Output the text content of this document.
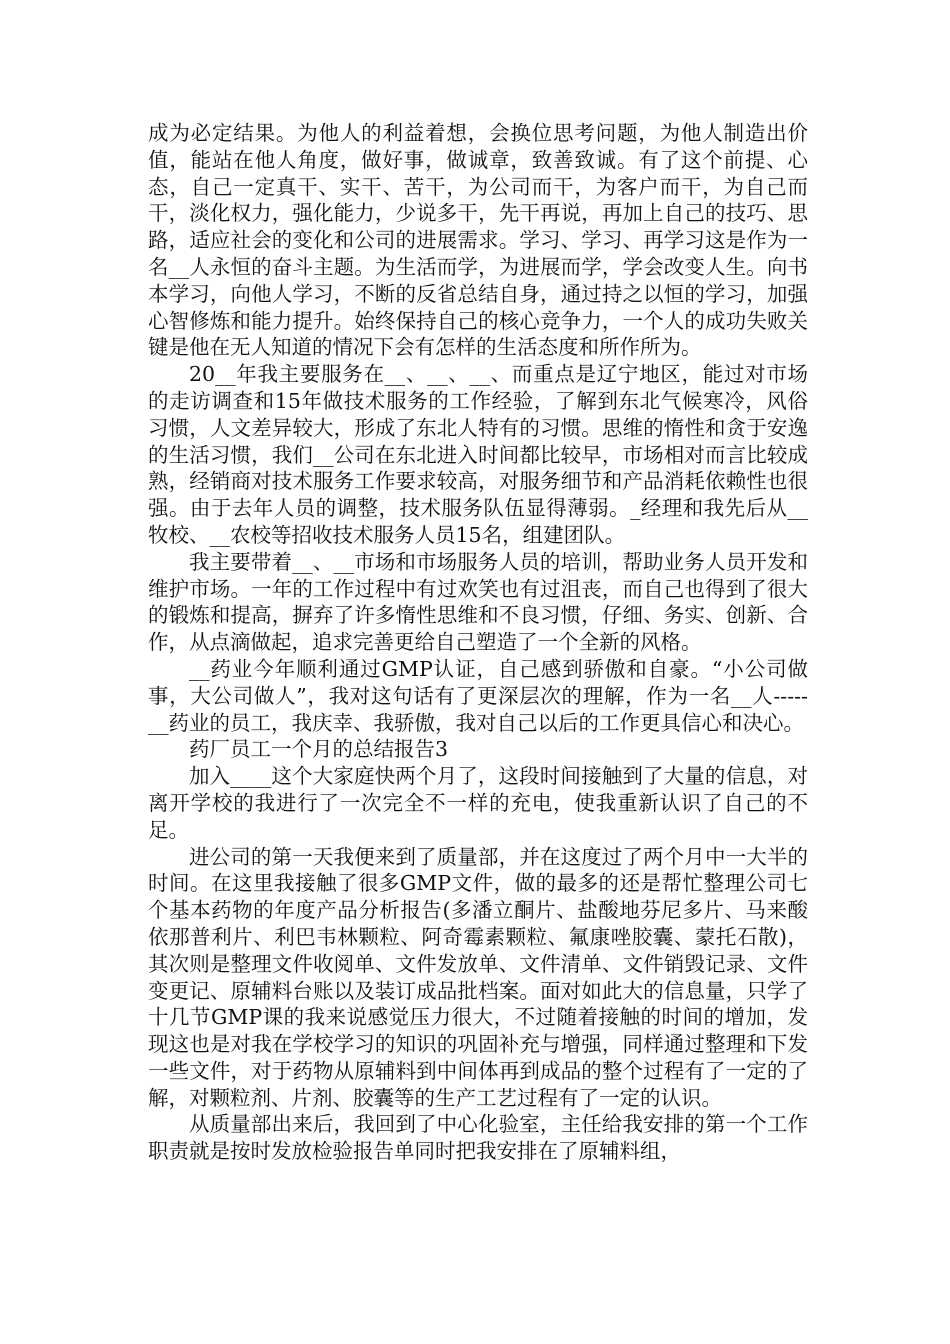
成为必定结果。为他人的利益着想，会换位思考问题，为他人制造出价值，能站在他人角度，做好事，做诚章，致善致诚。有了这个前提、心态，自己一定真干、实干、苦干，为公司而干，为客户而干，为自己而干，淡化权力，强化能力，少说多干，先干再说，再加上自己的技巧、思路，适应社会的变化和公司的进展需求。学习、学习、再学习这是作为一名__人永恒的奋斗主题。为生活而学，为进展而学，学会改变人生。向书本学习，向他人学习，不断的反省总结自身，通过持之以恒的学习，加强心智修炼和能力提升。始终保持自己的核心竞争力，一个人的成功失败关键是他在无人知道的情况下会有怎样的生活态度和所作所为。

20__年我主要服务在__、__、__、而重点是辽宁地区，能过对市场的走访调查和15年做技术服务的工作经验，了解到东北气候寒冷，风俗习惯，人文差异较大，形成了东北人特有的习惯。思维的惰性和贪于安逸的生活习惯，我们__公司在东北进入时间都比较早，市场相对而言比较成熟，经销商对技术服务工作要求较高，对服务细节和产品消耗依赖性也很强。由于去年人员的调整，技术服务队伍显得薄弱。_经理和我先后从__牧校、__农校等招收技术服务人员15名，组建团队。

我主要带着__、__市场和市场服务人员的培训，帮助业务人员开发和维护市场。一年的工作过程中有过欢笑也有过沮丧，而自己也得到了很大的锻炼和提高，摒弃了许多惰性思维和不良习惯，仔细、务实、创新、合作，从点滴做起，追求完善更给自己塑造了一个全新的风格。

__药业今年顺利通过GMP认证，自己感到骄傲和自豪。“小公司做事，大公司做人”，我对这句话有了更深层次的理解，作为一名__人-----__药业的员工，我庆幸、我骄傲，我对自己以后的工作更具信心和决心。

药厂员工一个月的总结报告3

加入____这个大家庭快两个月了，这段时间接触到了大量的信息，对离开学校的我进行了一次完全不一样的充电，使我重新认识了自己的不足。

进公司的第一天我便来到了质量部，并在这度过了两个月中一大半的时间。在这里我接触了很多GMP文件，做的最多的还是帮忙整理公司七个基本药物的年度产品分析报告(多潘立酮片、盐酸地芬尼多片、马来酸依那普利片、利巴韦林颗粒、阿奇霉素颗粒、氟康唑胶囊、蒙托石散)，其次则是整理文件收阅单、文件发放单、文件清单、文件销毁记录、文件变更记、原辅料台账以及装订成品批档案。面对如此大的信息量，只学了十几节GMP课的我来说感觉压力很大，不过随着接触的时间的增加，发现这也是对我在学校学习的知识的巩固补充与增强，同样通过整理和下发一些文件，对于药物从原辅料到中间体再到成品的整个过程有了一定的了解，对颗粒剂、片剂、胶囊等的生产工艺过程有了一定的认识。

从质量部出来后，我回到了中心化验室，主任给我安排的第一个工作职责就是按时发放检验报告单同时把我安排在了原辅料组，
